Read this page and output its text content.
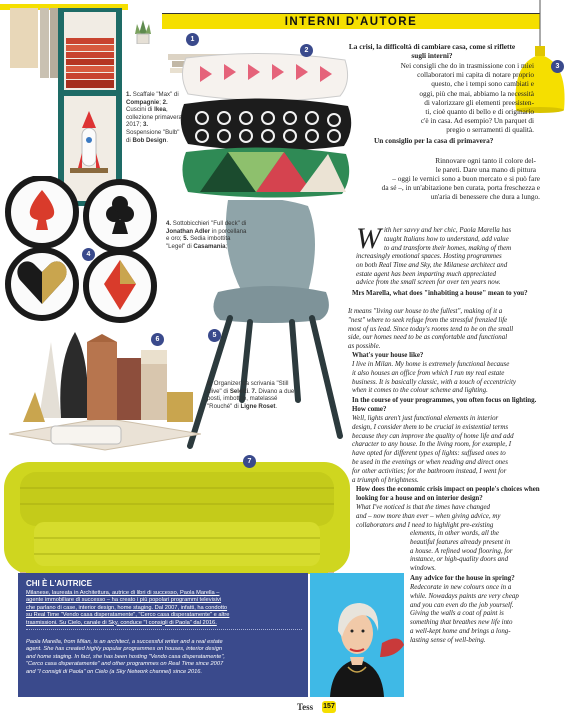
INTERNI D'AUTORE
1
2
3
4
5
6
7
1. Scaffale "Max" di Compagnie; 2. Cuscini di Ikea, collezione primavera 2017; 3. Sospensione "Bulb" di Bob Design.
4. Sottobicchieri "Full deck" di Jonathan Adler in porcellana e oro; 5. Sedia imbottita "Legel" di Casamania;
6. Organizer da scrivania "Still alive" di Seletti. 7. Divano a due posti, imbottito, matelassé "Rouché" di Ligne Roset.
La crisi, la difficoltà di cambiare casa, come si riflette sugli interni?
Nei consigli che do in trasmissione con i miei
collaboratori mi capita di notare proprio
questo, che i tempi sono cambiati e
oggi, più che mai, abbiamo la necessità
di valorizzare gli elementi preesisten-
ti, cioè quanto di bello e di originario
c'è in casa. Ad esempio? Un parquet di
pregio o serramenti di qualità.
Un consiglio per la casa di primavera?
Rinnovare ogni tanto il colore del-
le pareti. Dare una mano di pittura
– oggi le vernici sono a buon mercato e si può fare
da sé –, in un'abitazione ben curata, porta freschezza e
un'aria di benessere che dura a lungo.
W ith her savvy and her chic, Paola Marella has
taught Italians how to understand, add value
to and transform their homes, making of them
increasingly emotional spaces. Hosting programmes
on both Real Time and Sky, the Milanese architect and
estate agent has been imparting much appreciated
advice from the small screen for over ten years now.
Mrs Marella, what does "inhabiting a house" mean to you?
It means "living our house to the fullest", making of it a
"nest" where to seek refuge from the stressful frenzied life
most of us lead. Since today's rooms tend to be on the small
side, our homes need to be as comfortable and functional
as possible.
What's your house like?
I live in Milan. My home is extremely functional because
it also houses an office from which I run my real estate
business. It is basically classic, with a touch of eccentricity
when it comes to the colour scheme and lighting.
In the course of your programmes, you often focus on lighting. How come?
Well, lights aren't just functional elements in interior
design, I consider them to be crucial in existential terms
because they can improve the quality of home life and add
character to any house. In the living room, for example, I
have opted for different types of lights: suffused ones to
be used in the evenings or when reading and direct ones
for other activities; for the bathroom instead, I went for
a triumph of brightness.
How does the economic crisis impact on people's choices when looking for a house and on interior design?
What I've noticed is that the times have changed
and – now more than ever – when giving advice, my
collaborators and I need to highlight pre-existing
elements, in other words, all the
beautiful features already present in
a house. A refined wood flooring, for
instance, or high-quality doors and
windows.
Any advice for the house in spring?
Redecorate in new colours once in a
while. Nowadays paints are very cheap
and you can even do the job yourself.
Giving the walls a coat of paint is
something that breathes new life into
a well-kept home and brings a long-
lasting sense of well-being.
CHI È L'AUTRICE
Milanese, laureata in Architettura, autrice di libri di successo, Paola Marella –
agente immobiliare di successo – ha creato i più popolari programmi televisivi
che parlano di case, interior design, home staging. Dal 2007, infatti, ha condotto
su Real Time "Vendo casa disperatamente", "Cerco casa disperatamente" e altre
trasmissioni. Su Cielo, canale di Sky, conduce "I consigli di Paola" dal 2016.
Paola Marella, from Milan, is an architect, a successful writer and a real estate
agent. She has created highly popular programmes on houses, interior design
and home staging. In fact, she has been hosting "Vendo casa disperatamente",
"Cerco casa disperatamente" and other programmes on Real Time since 2007
and "I consigli di Paola" on Cielo (a Sky Network channel) since 2016.
Tess 157
